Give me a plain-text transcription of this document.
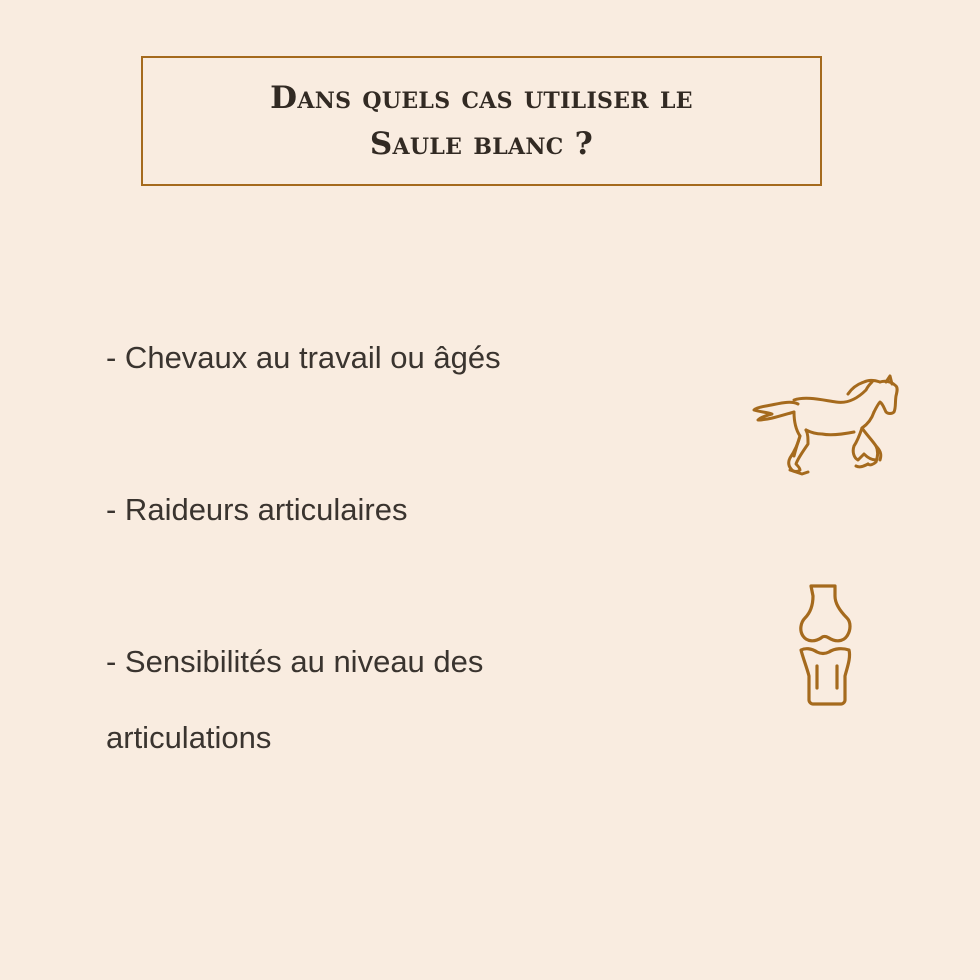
Dans quels cas utiliser le
Saule blanc ?
- Chevaux au travail ou âgés
- Raideurs articulaires
- Sensibilités au niveau des
articulations
